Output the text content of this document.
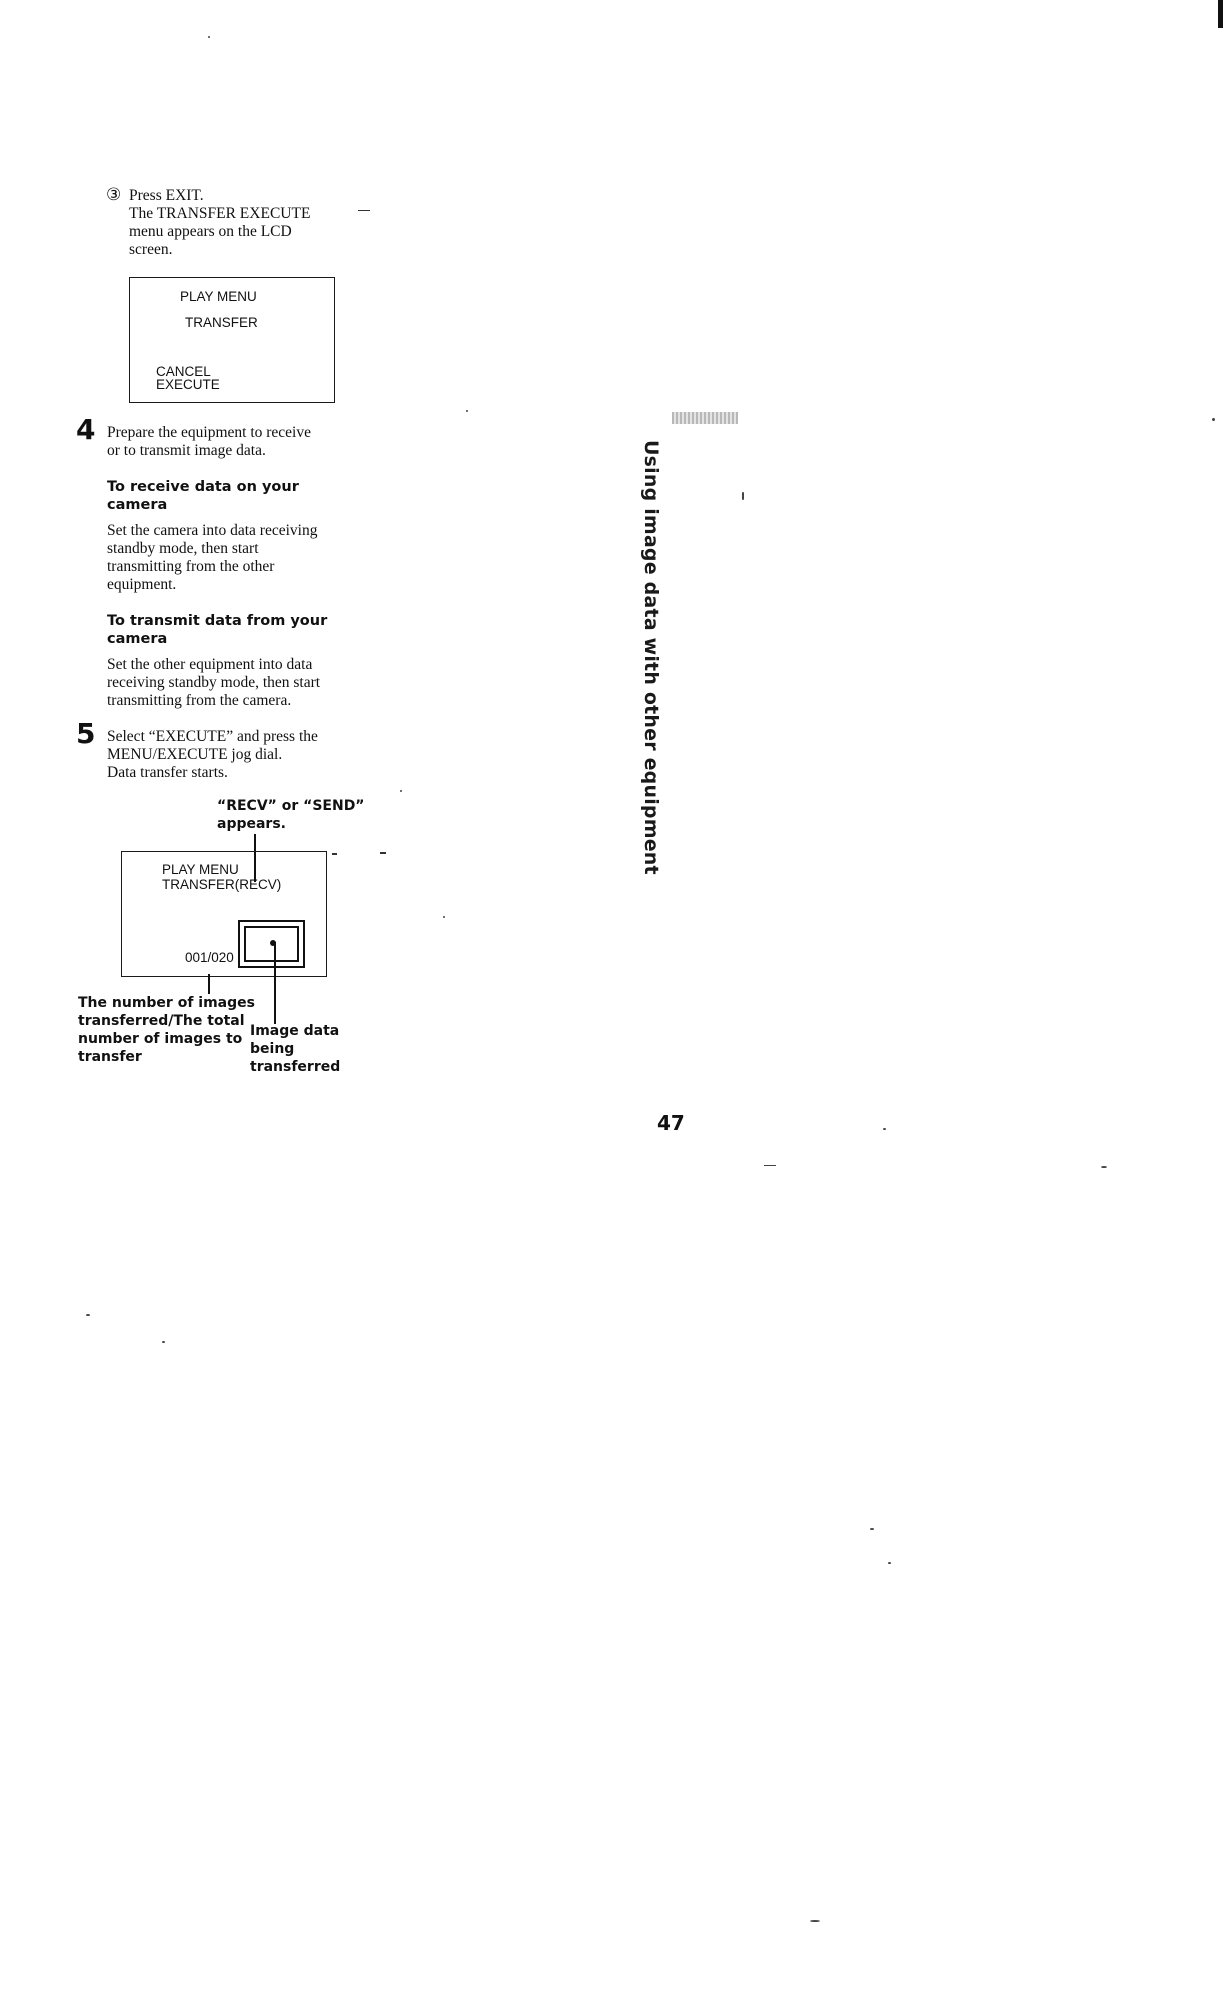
③ Press EXIT.
The TRANSFER EXECUTE
menu appears on the LCD
screen.
PLAY MENU
TRANSFER
CANCEL
EXECUTE
4 Prepare the equipment to receive
or to transmit image data.
To receive data on your
camera
Set the camera into data receiving
standby mode, then start
transmitting from the other
equipment.
To transmit data from your
camera
Set the other equipment into data
receiving standby mode, then start
transmitting from the camera.
5 Select “EXECUTE” and press the
MENU/EXECUTE jog dial.
Data transfer starts.
“RECV” or “SEND”
appears.
PLAY MENU
TRANSFER(RECV)
001/020
The number of images
transferred/The total
number of images to
transfer
Image data
being
transferred
Using image data with other equipment
47
